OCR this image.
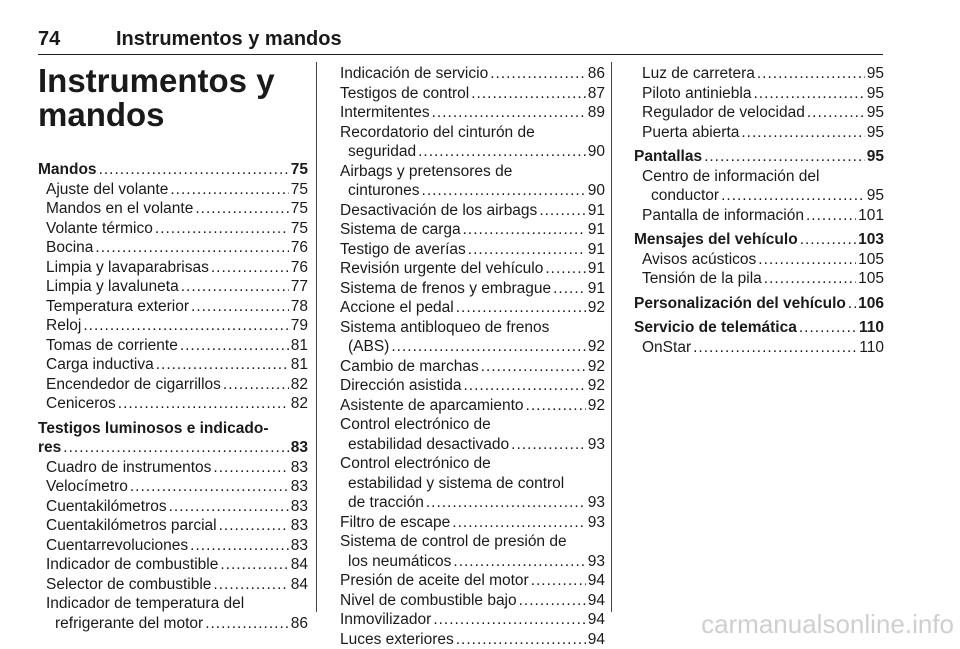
74	Instrumentos y mandos
Instrumentos y
mandos
Mandos .....	75
Ajuste del volante .....	75
Mandos en el volante .....	75
Volante térmico .....	75
Bocina .....	76
Limpia y lavaparabrisas .....	76
Limpia y lavaluneta .....	77
Temperatura exterior .....	78
Reloj .....	79
Tomas de corriente .....	81
Carga inductiva .....	81
Encendedor de cigarrillos .....	82
Ceniceros .....	82
Testigos luminosos e indicado-
res .....	83
Cuadro de instrumentos .....	83
Velocímetro .....	83
Cuentakilómetros .....	83
Cuentakilómetros parcial .....	83
Cuentarrevoluciones .....	83
Indicador de combustible .....	84
Selector de combustible .....	84
Indicador de temperatura del
refrigerante del motor .....	86
Indicación de servicio .....	86
Testigos de control .....	87
Intermitentes .....	89
Recordatorio del cinturón de
seguridad .....	90
Airbags y pretensores de
cinturones .....	90
Desactivación de los airbags .....	91
Sistema de carga .....	91
Testigo de averías .....	91
Revisión urgente del vehículo .....	91
Sistema de frenos y embrague ..... 91
Accione el pedal .....	92
Sistema antibloqueo de frenos
(ABS) .....	92
Cambio de marchas .....	92
Dirección asistida .....	92
Asistente de aparcamiento .....	92
Control electrónico de
estabilidad desactivado .....	93
Control electrónico de
estabilidad y sistema de control
de tracción .....	93
Filtro de escape .....	93
Sistema de control de presión de
los neumáticos .....	93
Presión de aceite del motor .....	94
Nivel de combustible bajo .....	94
Inmovilizador .....	94
Luces exteriores .....	94
Luz de carretera .....	95
Piloto antiniebla .....	95
Regulador de velocidad .....	95
Puerta abierta .....	95
Pantallas .....	95
Centro de información del
conductor .....	95
Pantalla de información .....	101
Mensajes del vehículo .....	103
Avisos acústicos .....	105
Tensión de la pila .....	105
Personalización del vehículo ..... 106
Servicio de telemática .....	110
OnStar .....	110
carmanualsonline.info
